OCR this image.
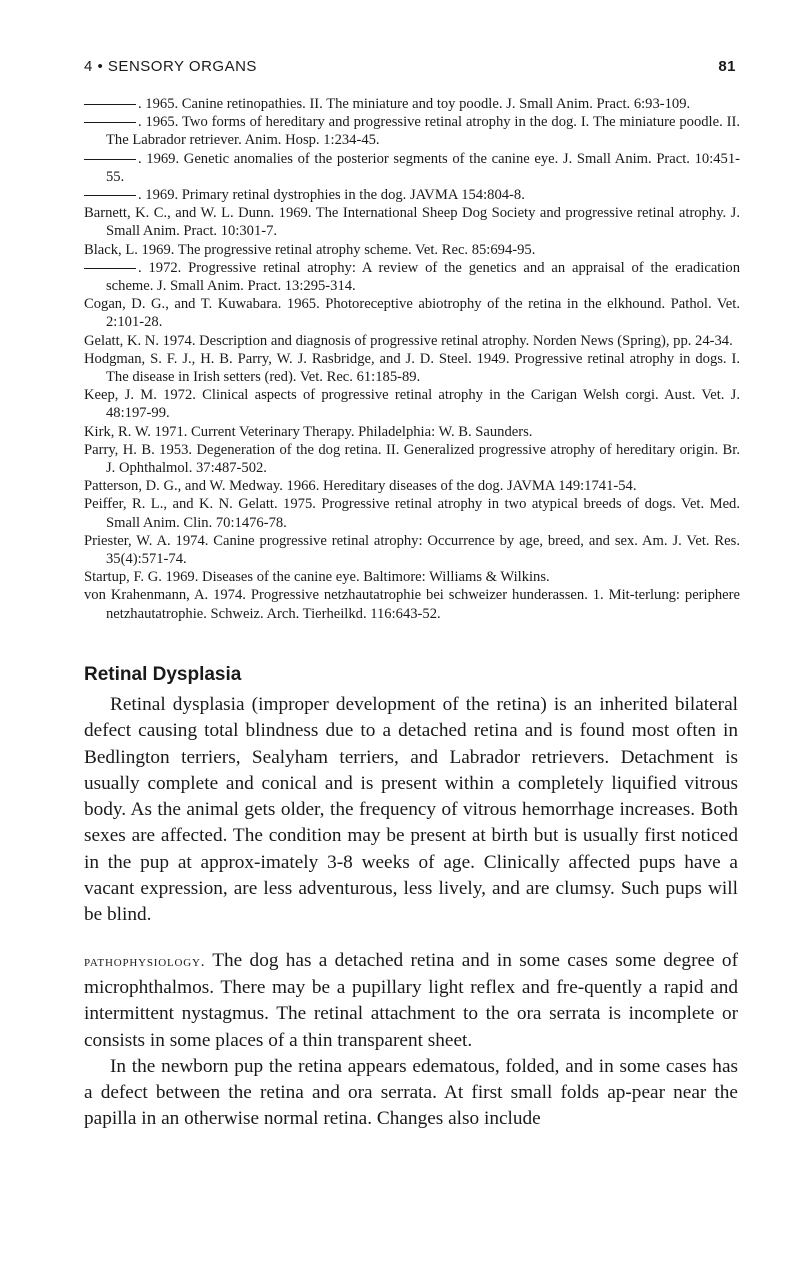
4 • SENSORY ORGANS	81

. 1965. Canine retinopathies. II. The miniature and toy poodle. J. Small Anim. Pract. 6:93-109.

. 1965. Two forms of hereditary and progressive retinal atrophy in the dog. I. The miniature poodle. II. The Labrador retriever. Anim. Hosp. 1:234-45.

. 1969. Genetic anomalies of the posterior segments of the canine eye. J. Small Anim. Pract. 10:451-55.

. 1969. Primary retinal dystrophies in the dog. JAVMA 154:804-8.

Barnett, K. C., and W. L. Dunn. 1969. The International Sheep Dog Society and progressive retinal atrophy. J. Small Anim. Pract. 10:301-7.

Black, L. 1969. The progressive retinal atrophy scheme. Vet. Rec. 85:694-95.

. 1972. Progressive retinal atrophy: A review of the genetics and an appraisal of the eradication scheme. J. Small Anim. Pract. 13:295-314.

Cogan, D. G., and T. Kuwabara. 1965. Photoreceptive abiotrophy of the retina in the elkhound. Pathol. Vet. 2:101-28.

Gelatt, K. N. 1974. Description and diagnosis of progressive retinal atrophy. Norden News (Spring), pp. 24-34.

Hodgman, S. F. J., H. B. Parry, W. J. Rasbridge, and J. D. Steel. 1949. Progressive retinal atrophy in dogs. I. The disease in Irish setters (red). Vet. Rec. 61:185-89.

Keep, J. M. 1972. Clinical aspects of progressive retinal atrophy in the Carigan Welsh corgi. Aust. Vet. J. 48:197-99.

Kirk, R. W. 1971. Current Veterinary Therapy. Philadelphia: W. B. Saunders.

Parry, H. B. 1953. Degeneration of the dog retina. II. Generalized progressive atrophy of hereditary origin. Br. J. Ophthalmol. 37:487-502.

Patterson, D. G., and W. Medway. 1966. Hereditary diseases of the dog. JAVMA 149:1741-54.

Peiffer, R. L., and K. N. Gelatt. 1975. Progressive retinal atrophy in two atypical breeds of dogs. Vet. Med. Small Anim. Clin. 70:1476-78.

Priester, W. A. 1974. Canine progressive retinal atrophy: Occurrence by age, breed, and sex. Am. J. Vet. Res. 35(4):571-74.

Startup, F. G. 1969. Diseases of the canine eye. Baltimore: Williams & Wilkins.

von Krahenmann, A. 1974. Progressive netzhautatrophie bei schweizer hunderassen. 1. Mit-terlung: periphere netzhautatrophie. Schweiz. Arch. Tierheilkd. 116:643-52.

Retinal Dysplasia

Retinal dysplasia (improper development of the retina) is an inherited bilateral defect causing total blindness due to a detached retina and is found most often in Bedlington terriers, Sealyham terriers, and Labrador retrievers. Detachment is usually complete and conical and is present within a completely liquified vitrous body. As the animal gets older, the frequency of vitrous hemorrhage increases. Both sexes are affected. The condition may be present at birth but is usually first noticed in the pup at approx-imately 3-8 weeks of age. Clinically affected pups have a vacant expression, are less adventurous, less lively, and are clumsy. Such pups will be blind.

pathophysiology. The dog has a detached retina and in some cases some degree of microphthalmos. There may be a pupillary light reflex and fre-quently a rapid and intermittent nystagmus. The retinal attachment to the ora serrata is incomplete or consists in some places of a thin transparent sheet.

In the newborn pup the retina appears edematous, folded, and in some cases has a defect between the retina and ora serrata. At first small folds ap-pear near the papilla in an otherwise normal retina. Changes also include
